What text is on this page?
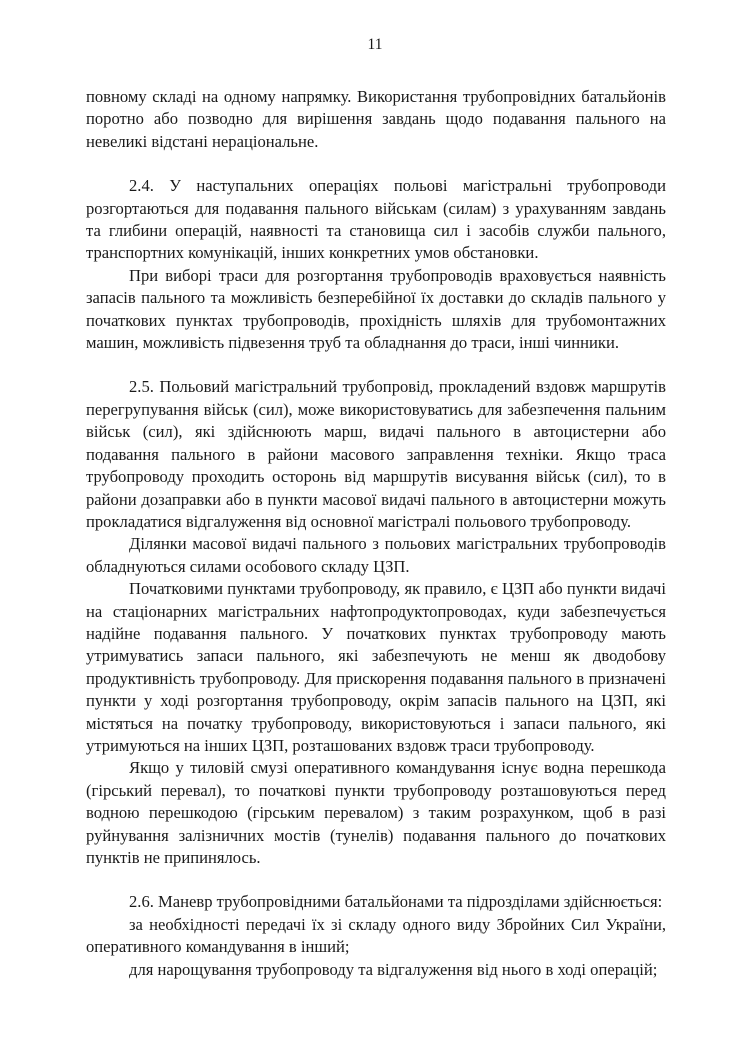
11

повному складі на одному напрямку. Використання трубопровідних батальйонів поротно або позводно для вирішення завдань щодо подавання пального на невеликі відстані нераціональне.

2.4. У наступальних операціях польові магістральні трубопроводи розгортаються для подавання пального військам (силам) з урахуванням завдань та глибини операцій, наявності та становища сил і засобів служби пального, транспортних комунікацій, інших конкретних умов обстановки.

При виборі траси для розгортання трубопроводів враховується наявність запасів пального та можливість безперебійної їх доставки до складів пального у початкових пунктах трубопроводів, прохідність шляхів для трубомонтажних машин, можливість підвезення труб та обладнання до траси, інші чинники.

2.5. Польовий магістральний трубопровід, прокладений вздовж маршрутів перегрупування військ (сил), може використовуватись для забезпечення пальним військ (сил), які здійснюють марш, видачі пального в автоцистерни або подавання пального в райони масового заправлення техніки. Якщо траса трубопроводу проходить осторонь від маршрутів висування військ (сил), то в райони дозаправки або в пункти масової видачі пального в автоцистерни можуть прокладатися відгалуження від основної магістралі польового трубопроводу.

Ділянки масової видачі пального з польових магістральних трубопроводів обладнуються силами особового складу ЦЗП.

Початковими пунктами трубопроводу, як правило, є ЦЗП або пункти видачі на стаціонарних магістральних нафтопродуктопроводах, куди забезпечується надійне подавання пального. У початкових пунктах трубопроводу мають утримуватись запаси пального, які забезпечують не менш як дводобову продуктивність трубопроводу. Для прискорення подавання пального в призначені пункти у ході розгортання трубопроводу, окрім запасів пального на ЦЗП, які містяться на початку трубопроводу, використовуються і запаси пального, які утримуються на інших ЦЗП, розташованих вздовж траси трубопроводу.

Якщо у тиловій смузі оперативного командування існує водна перешкода (гірський перевал), то початкові пункти трубопроводу розташовуються перед водною перешкодою (гірським перевалом) з таким розрахунком, щоб в разі руйнування залізничних мостів (тунелів) подавання пального до початкових пунктів не припинялось.

2.6. Маневр трубопровідними батальйонами та підрозділами здійснюється:

за необхідності передачі їх зі складу одного виду Збройних Сил України, оперативного командування в інший;

для нарощування трубопроводу та відгалуження від нього в ході операцій;
